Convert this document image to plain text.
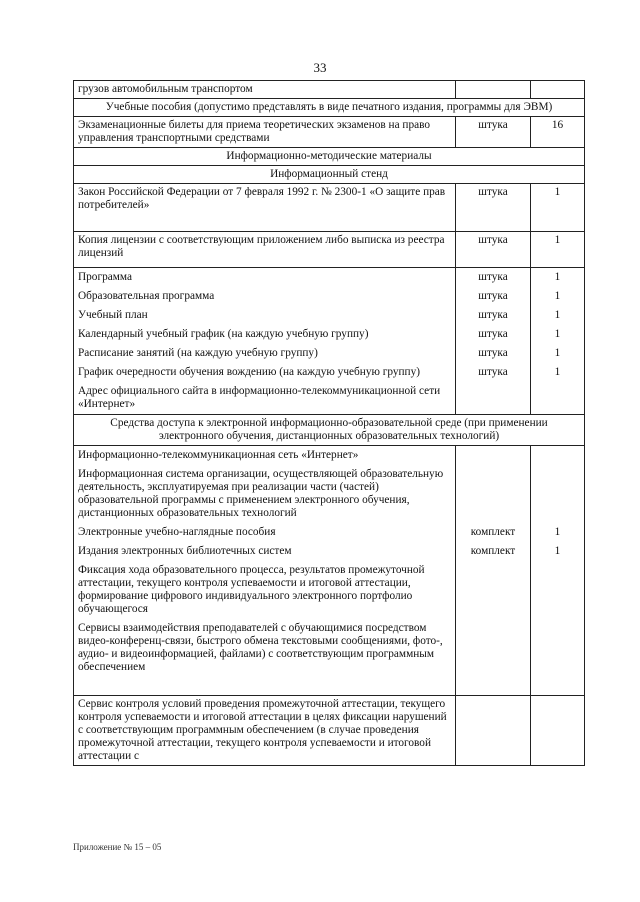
33
грузов автомобильным транспортом		
Учебные пособия (допустимо представлять в виде печатного издания, программы для ЭВМ)		
Экзаменационные билеты для приема теоретических экзаменов на право управления транспортными средствами	штука	16
Информационно-методические материалы		
Информационный стенд		
Закон Российской Федерации от 7 февраля 1992 г. № 2300-1 «О защите прав потребителей»	штука	1
Копия лицензии с соответствующим приложением либо выписка из реестра лицензий	штука	1
Программа	штука	1
Образовательная программа	штука	1
Учебный план	штука	1
Календарный учебный график (на каждую учебную группу)	штука	1
Расписание занятий (на каждую учебную группу)	штука	1
График очередности обучения вождению (на каждую учебную группу)	штука	1
Адрес официального сайта в информационно-телекоммуникационной сети «Интернет»		
Средства доступа к электронной информационно-образовательной среде (при применении электронного обучения, дистанционных образовательных технологий)		
Информационно-телекоммуникационная сеть «Интернет»		
Информационная система организации, осуществляющей образовательную деятельность, эксплуатируемая при реализации части (частей) образовательной программы с применением электронного обучения, дистанционных образовательных технологий		
Электронные учебно-наглядные пособия	комплект	1
Издания электронных библиотечных систем	комплект	1
Фиксация хода образовательного процесса, результатов промежуточной аттестации, текущего контроля успеваемости и итоговой аттестации, формирование цифрового индивидуального электронного портфолио обучающегося		
Сервисы взаимодействия преподавателей с обучающимися посредством видео-конференц-связи, быстрого обмена текстовыми сообщениями, фото-, аудио- и видеоинформацией, файлами) с соответствующим программным обеспечением		
Сервис контроля условий проведения промежуточной аттестации, текущего контроля успеваемости и итоговой аттестации в целях фиксации нарушений с соответствующим программным обеспечением (в случае проведения промежуточной аттестации, текущего контроля успеваемости и итоговой аттестации с		
Приложение № 15 – 05
